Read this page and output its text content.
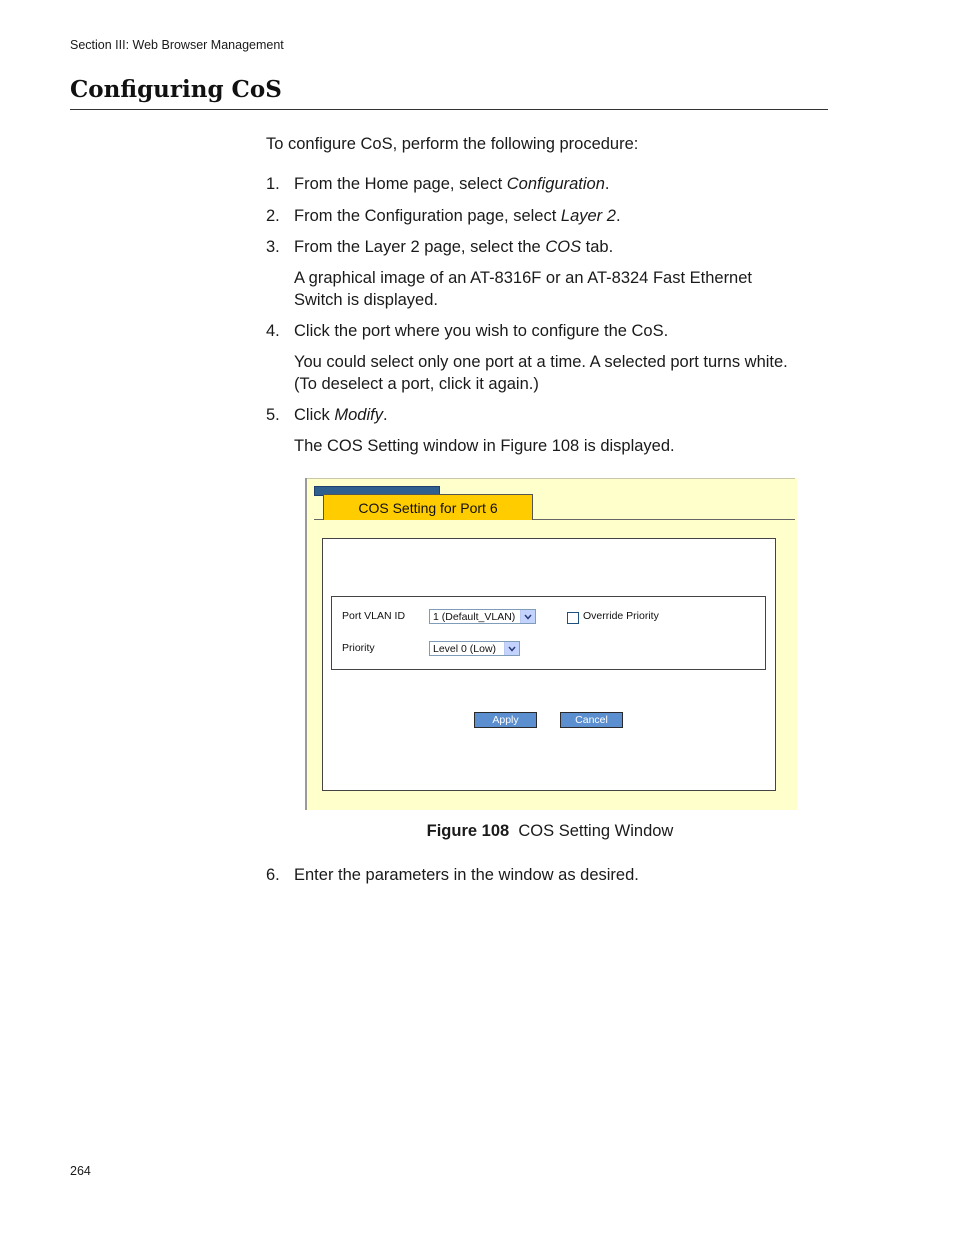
Section III: Web Browser Management
Configuring CoS
To configure CoS, perform the following procedure:
1. From the Home page, select Configuration.
2. From the Configuration page, select Layer 2.
3. From the Layer 2 page, select the COS tab.
A graphical image of an AT-8316F or an AT-8324 Fast Ethernet Switch is displayed.
4. Click the port where you wish to configure the CoS.
You could select only one port at a time. A selected port turns white. (To deselect a port, click it again.)
5. Click Modify.
The COS Setting window in Figure 108 is displayed.
COS Setting for Port 6
Port VLAN ID	1 (Default_VLAN)
Priority	Level 0 (Low)
Override Priority
Apply	Cancel
Figure 108 COS Setting Window
6. Enter the parameters in the window as desired.
264
